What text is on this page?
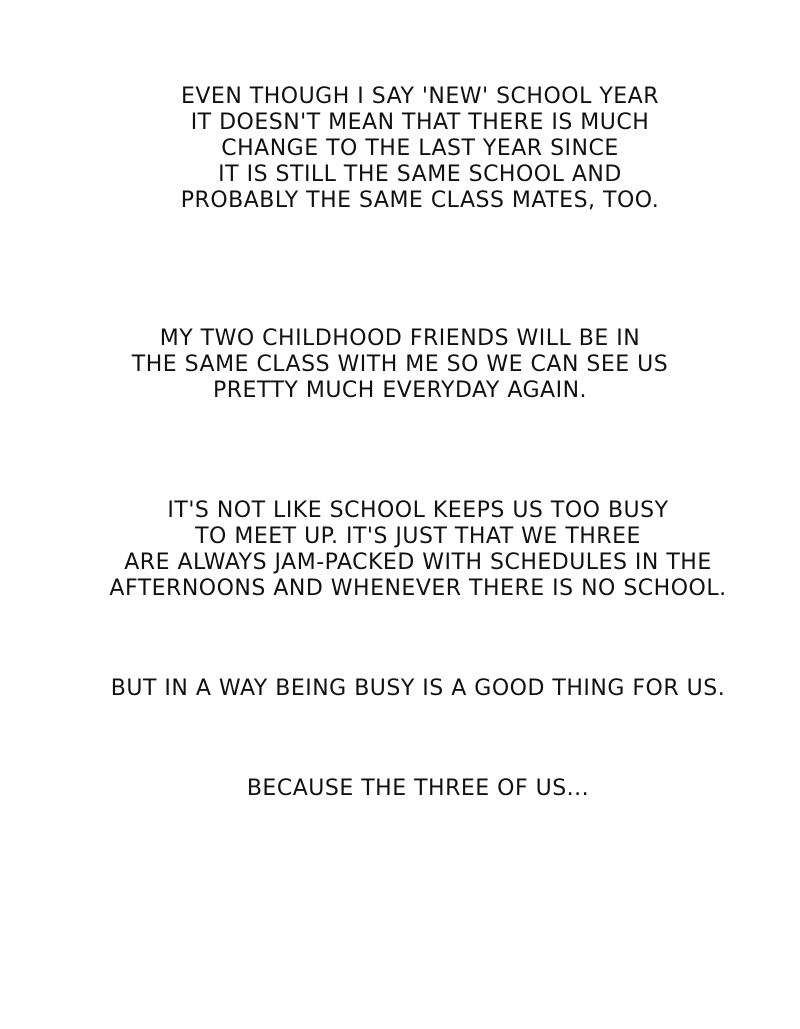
EVEN THOUGH I SAY 'NEW' SCHOOL YEAR
IT DOESN'T MEAN THAT THERE IS MUCH
CHANGE TO THE LAST YEAR SINCE
IT IS STILL THE SAME SCHOOL AND
PROBABLY THE SAME CLASS MATES, TOO.
MY TWO CHILDHOOD FRIENDS WILL BE IN
THE SAME CLASS WITH ME SO WE CAN SEE US
PRETTY MUCH EVERYDAY AGAIN.
IT'S NOT LIKE SCHOOL KEEPS US TOO BUSY
TO MEET UP. IT'S JUST THAT WE THREE
ARE ALWAYS JAM-PACKED WITH SCHEDULES IN THE
AFTERNOONS AND WHENEVER THERE IS NO SCHOOL.
BUT IN A WAY BEING BUSY IS A GOOD THING FOR US.
BECAUSE THE THREE OF US...
